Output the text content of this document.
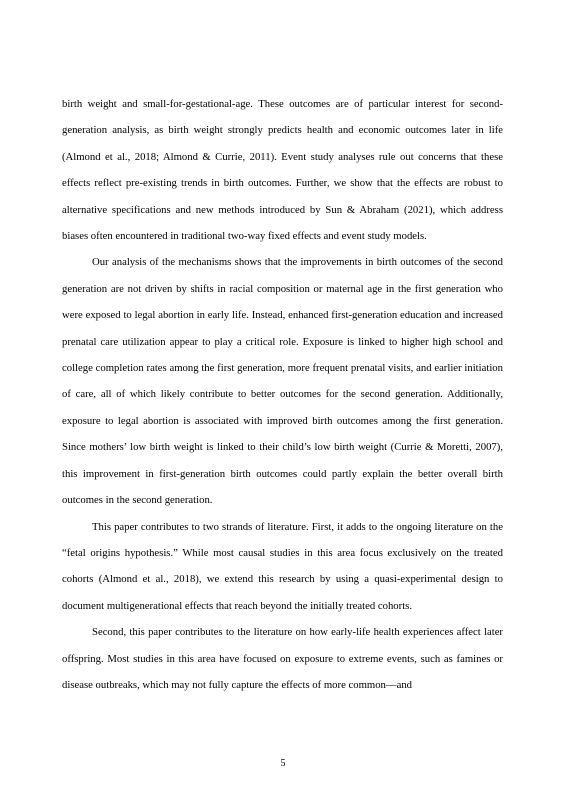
birth weight and small-for-gestational-age. These outcomes are of particular interest for second-generation analysis, as birth weight strongly predicts health and economic outcomes later in life (Almond et al., 2018; Almond & Currie, 2011). Event study analyses rule out concerns that these effects reflect pre-existing trends in birth outcomes. Further, we show that the effects are robust to alternative specifications and new methods introduced by Sun & Abraham (2021), which address biases often encountered in traditional two-way fixed effects and event study models.

Our analysis of the mechanisms shows that the improvements in birth outcomes of the second generation are not driven by shifts in racial composition or maternal age in the first generation who were exposed to legal abortion in early life. Instead, enhanced first-generation education and increased prenatal care utilization appear to play a critical role. Exposure is linked to higher high school and college completion rates among the first generation, more frequent prenatal visits, and earlier initiation of care, all of which likely contribute to better outcomes for the second generation. Additionally, exposure to legal abortion is associated with improved birth outcomes among the first generation. Since mothers’ low birth weight is linked to their child’s low birth weight (Currie & Moretti, 2007), this improvement in first-generation birth outcomes could partly explain the better overall birth outcomes in the second generation.

This paper contributes to two strands of literature. First, it adds to the ongoing literature on the “fetal origins hypothesis.” While most causal studies in this area focus exclusively on the treated cohorts (Almond et al., 2018), we extend this research by using a quasi-experimental design to document multigenerational effects that reach beyond the initially treated cohorts.

Second, this paper contributes to the literature on how early-life health experiences affect later offspring. Most studies in this area have focused on exposure to extreme events, such as famines or disease outbreaks, which may not fully capture the effects of more common—and

5
